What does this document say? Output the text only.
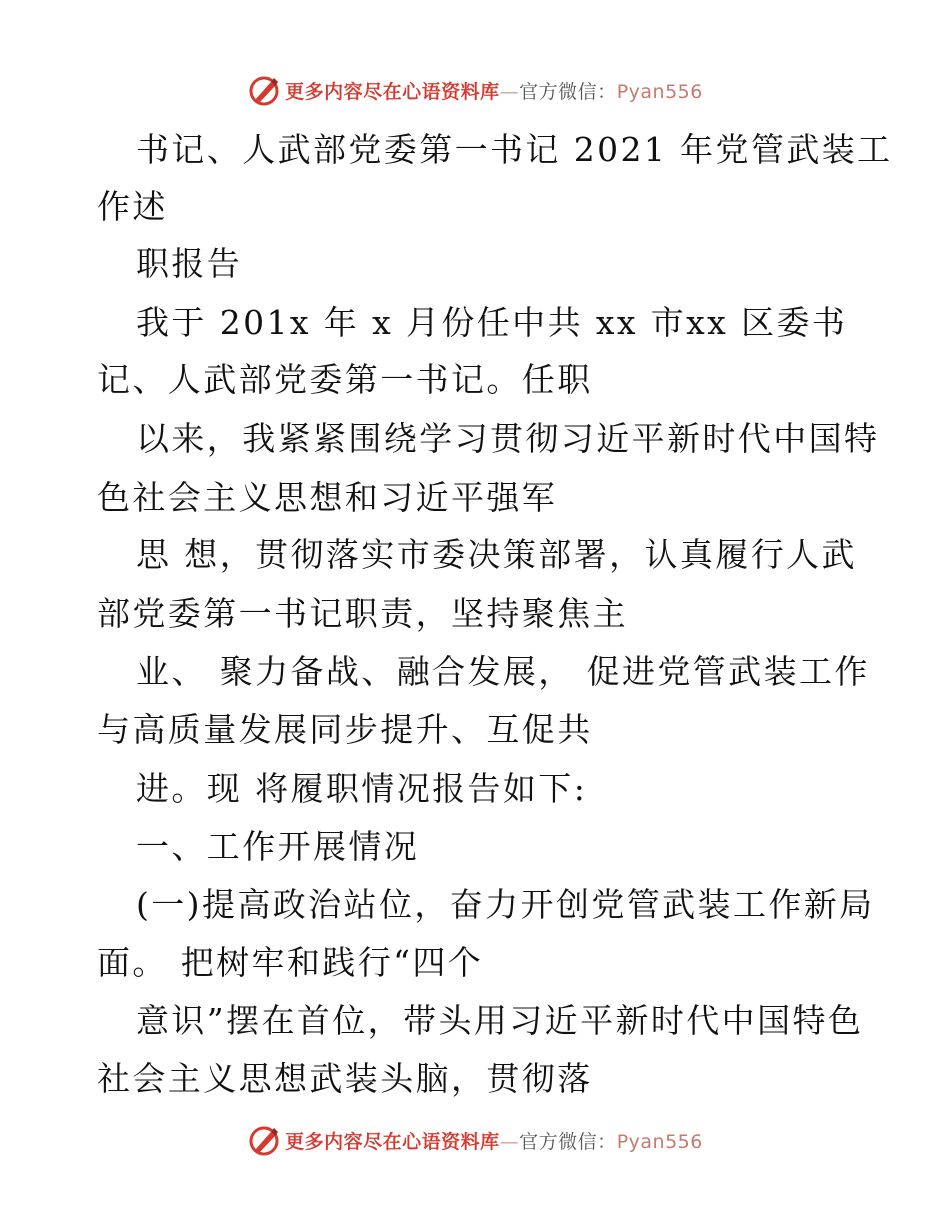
更多内容尽在心语资料库—官方微信：Pyan556
书记、人武部党委第一书记 2021 年党管武装工
作述
职报告
我于 201x 年 x 月份任中共 xx 市xx 区委书
记、人武部党委第一书记。任职
以来，我紧紧围绕学习贯彻习近平新时代中国特
色社会主义思想和习近平强军
思 想，贯彻落实市委决策部署，认真履行人武
部党委第一书记职责，坚持聚焦主
业、 聚力备战、融合发展， 促进党管武装工作
与高质量发展同步提升、互促共
进。现 将履职情况报告如下:
一、工作开展情况
(一)提高政治站位，奋力开创党管武装工作新局
面。 把树牢和践行“四个
意识”摆在首位，带头用习近平新时代中国特色
社会主义思想武装头脑，贯彻落
更多内容尽在心语资料库—官方微信：Pyan556
